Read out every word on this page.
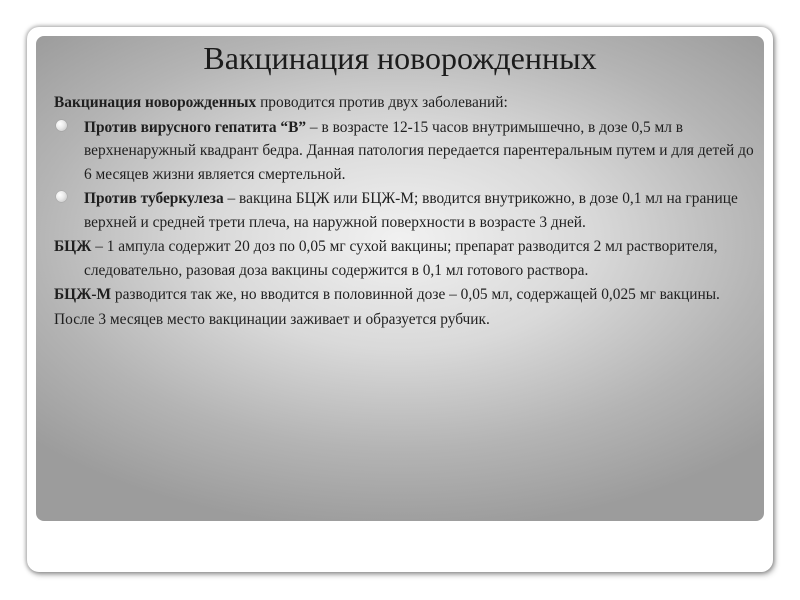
Вакцинация новорожденных

Вакцинация новорожденных проводится против двух заболеваний:

Против вирусного гепатита “В” – в возрасте 12-15 часов внутримышечно, в дозе 0,5 мл в верхненаружный квадрант бедра. Данная патология передается парентеральным путем и для детей до 6 месяцев жизни является смертельной.
Против туберкулеза – вакцина БЦЖ или БЦЖ-М; вводится внутрикожно, в дозе 0,1 мл на границе верхней и средней трети плеча, на наружной поверхности в возрасте 3 дней.

БЦЖ – 1 ампула содержит 20 доз по 0,05 мг сухой вакцины; препарат разводится 2 мл растворителя, следовательно, разовая доза вакцины содержится в 0,1 мл готового раствора.

БЦЖ-М разводится так же, но вводится в половинной дозе – 0,05 мл, содержащей 0,025 мг вакцины.

После 3 месяцев место вакцинации заживает и образуется рубчик.
